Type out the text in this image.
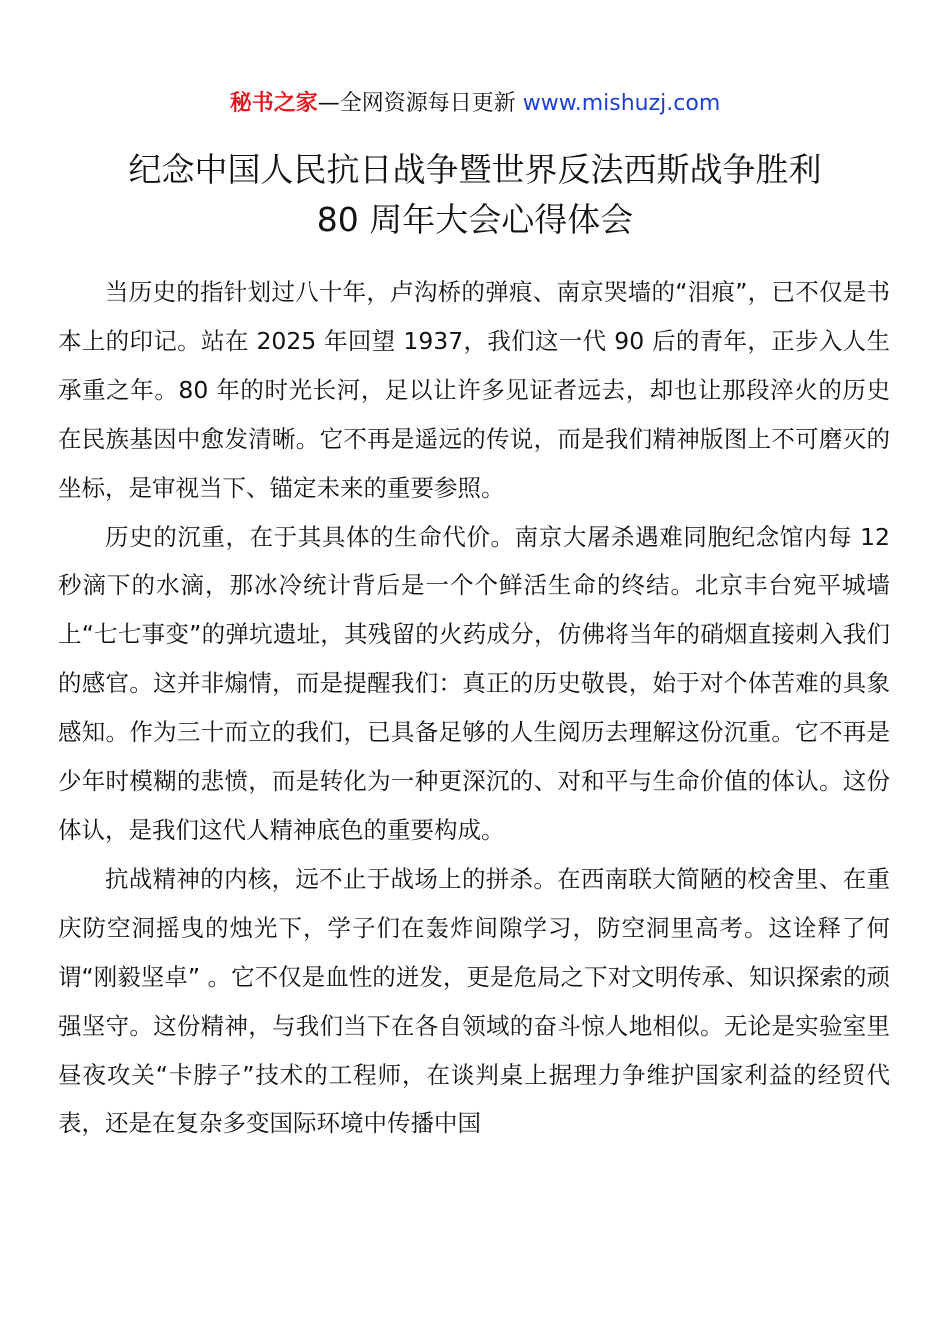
秘书之家—全网资源每日更新 www.mishuzj.com
纪念中国人民抗日战争暨世界反法西斯战争胜利
80 周年大会心得体会

当历史的指针划过八十年，卢沟桥的弹痕、南京哭墙的“泪痕”，已不仅是书本上的印记。站在 2025 年回望 1937，我们这一代 90 后的青年，正步入人生承重之年。80 年的时光长河，足以让许多见证者远去，却也让那段淬火的历史在民族基因中愈发清晰。它不再是遥远的传说，而是我们精神版图上不可磨灭的坐标，是审视当下、锚定未来的重要参照。

历史的沉重，在于其具体的生命代价。南京大屠杀遇难同胞纪念馆内每 12 秒滴下的水滴，那冰冷统计背后是一个个鲜活生命的终结。北京丰台宛平城墙上“七七事变”的弹坑遗址，其残留的火药成分，仿佛将当年的硝烟直接刺入我们的感官。这并非煽情，而是提醒我们：真正的历史敬畏，始于对个体苦难的具象感知。作为三十而立的我们，已具备足够的人生阅历去理解这份沉重。它不再是少年时模糊的悲愤，而是转化为一种更深沉的、对和平与生命价值的体认。这份体认，是我们这代人精神底色的重要构成。

抗战精神的内核，远不止于战场上的拼杀。在西南联大简陋的校舍里、在重庆防空洞摇曳的烛光下，学子们在轰炸间隙学习，防空洞里高考。这诠释了何谓“刚毅坚卓” 。它不仅是血性的迸发，更是危局之下对文明传承、知识探索的顽强坚守。这份精神，与我们当下在各自领域的奋斗惊人地相似。无论是实验室里昼夜攻关“卡脖子”技术的工程师，在谈判桌上据理力争维护国家利益的经贸代表，还是在复杂多变国际环境中传播中国
